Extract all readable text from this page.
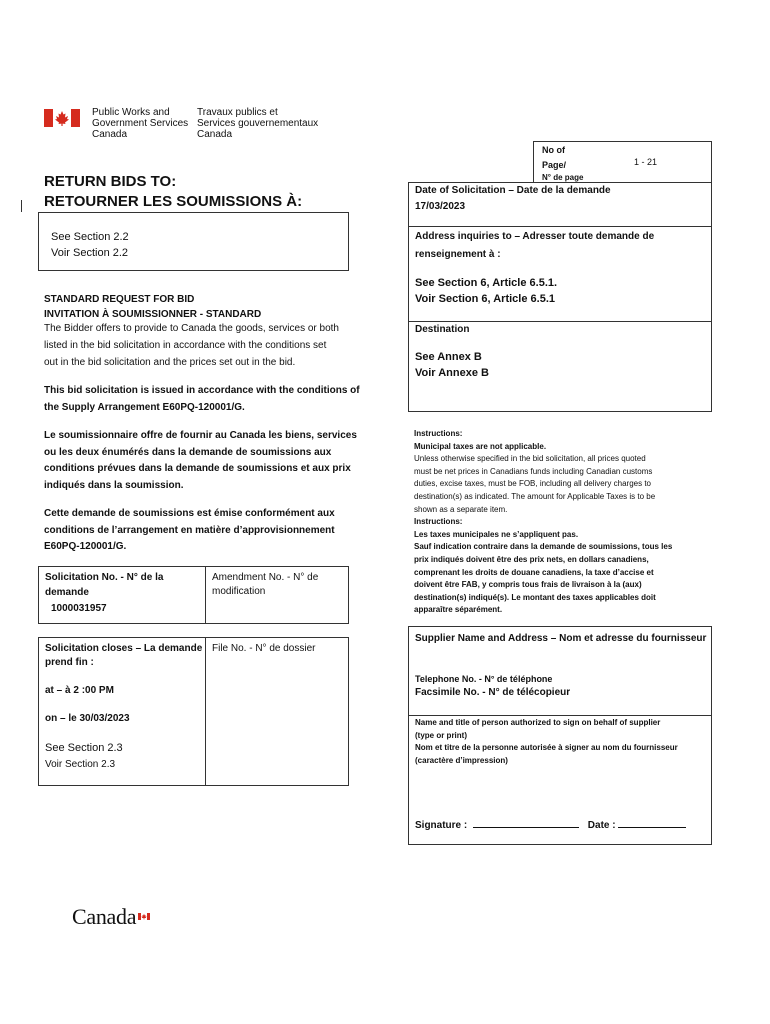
Public Works and
Government Services
Canada
Travaux publics et
Services gouvernementaux
Canada
RETURN BIDS TO:
RETOURNER LES SOUMISSIONS À:
See Section 2.2
Voir Section 2.2
No of
Page/
N° de page
1 - 21
Date of Solicitation – Date de la demande
17/03/2023
Address inquiries to – Adresser toute demande de
renseignement à :
See Section 6, Article 6.5.1.
Voir Section 6, Article 6.5.1
Destination
See Annex B
Voir Annexe B
STANDARD REQUEST FOR BID
INVITATION À SOUMISSIONNER - STANDARD
The Bidder offers to provide to Canada the goods, services or both
listed in the bid solicitation in accordance with the conditions set
out in the bid solicitation and the prices set out in the bid.
This bid solicitation is issued in accordance with the conditions of
the Supply Arrangement E60PQ-120001/G.
Le soumissionnaire offre de fournir au Canada les biens, services
ou les deux énumérés dans la demande de soumissions aux
conditions prévues dans la demande de soumissions et aux prix
indiqués dans la soumission.
Cette demande de soumissions est émise conformément aux
conditions de l’arrangement en matière d’approvisionnement
E60PQ-120001/G.
Instructions:
Municipal taxes are not applicable.
Unless otherwise specified in the bid solicitation, all prices quoted
must be net prices in Canadians funds including Canadian customs
duties, excise taxes, must be FOB, including all delivery charges to
destination(s) as indicated. The amount for Applicable Taxes is to be
shown as a separate item.
Instructions:
Les taxes municipales ne s’appliquent pas.
Sauf indication contraire dans la demande de soumissions, tous les
prix indiqués doivent être des prix nets, en dollars canadiens,
comprenant les droits de douane canadiens, la taxe d’accise et
doivent être FAB, y compris tous frais de livraison à la (aux)
destination(s) indiqué(s). Le montant des taxes applicables doit
apparaître séparément.
Solicitation No. - N° de la
demande
1000031957
Amendment No. - N° de
modification
Solicitation closes – La demande
prend fin :
at – à 2 :00 PM
on – le 30/03/2023
See Section 2.3
Voir Section 2.3
File No. - N° de dossier
Supplier Name and Address – Nom et adresse du fournisseur
Telephone No. - N° de téléphone
Facsimile No. - N° de télécopieur
Name and title of person authorized to sign on behalf of supplier
(type or print)
Nom et titre de la personne autorisée à signer au nom du fournisseur
(caractère d’impression)
Signature :	Date :
Canada
